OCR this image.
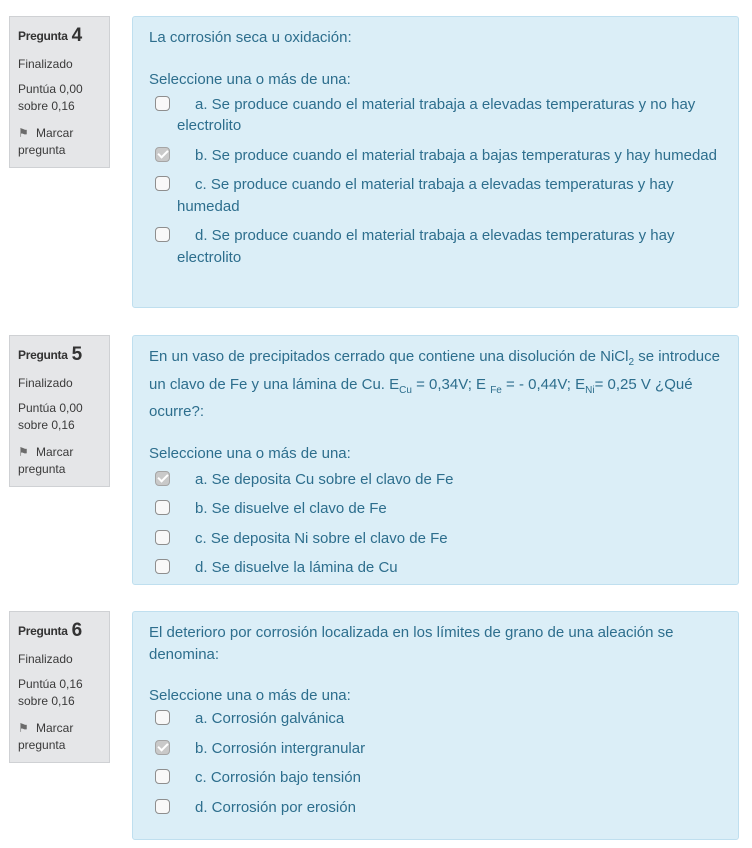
Pregunta 4
Finalizado
Puntúa 0,00
sobre 0,16
⚑ Marcar
pregunta
La corrosión seca u oxidación:
Seleccione una o más de una:
a. Se produce cuando el material trabaja a elevadas temperaturas y no hay electrolito
b. Se produce cuando el material trabaja a bajas temperaturas y hay humedad
c. Se produce cuando el material trabaja a elevadas temperaturas y hay humedad
d. Se produce cuando el material trabaja a elevadas temperaturas y hay electrolito
Pregunta 5
Finalizado
Puntúa 0,00
sobre 0,16
⚑ Marcar
pregunta
En un vaso de precipitados cerrado que contiene una disolución de NiCl$_2$ se introduce un clavo de Fe y una lámina de Cu. $E_{Cu} = 0,34V$; E $_{Fe}$ = - 0,44V; $E_{Ni}= 0,25$ V ¿Qué ocurre?:
Seleccione una o más de una:
a. Se deposita Cu sobre el clavo de Fe
b. Se disuelve el clavo de Fe
c. Se deposita Ni sobre el clavo de Fe
d. Se disuelve la lámina de Cu
Pregunta 6
Finalizado
Puntúa 0,16
sobre 0,16
⚑ Marcar
pregunta
El deterioro por corrosión localizada en los límites de grano de una aleación se denomina:
Seleccione una o más de una:
a. Corrosión galvánica
b. Corrosión intergranular
c. Corrosión bajo tensión
d. Corrosión por erosión
